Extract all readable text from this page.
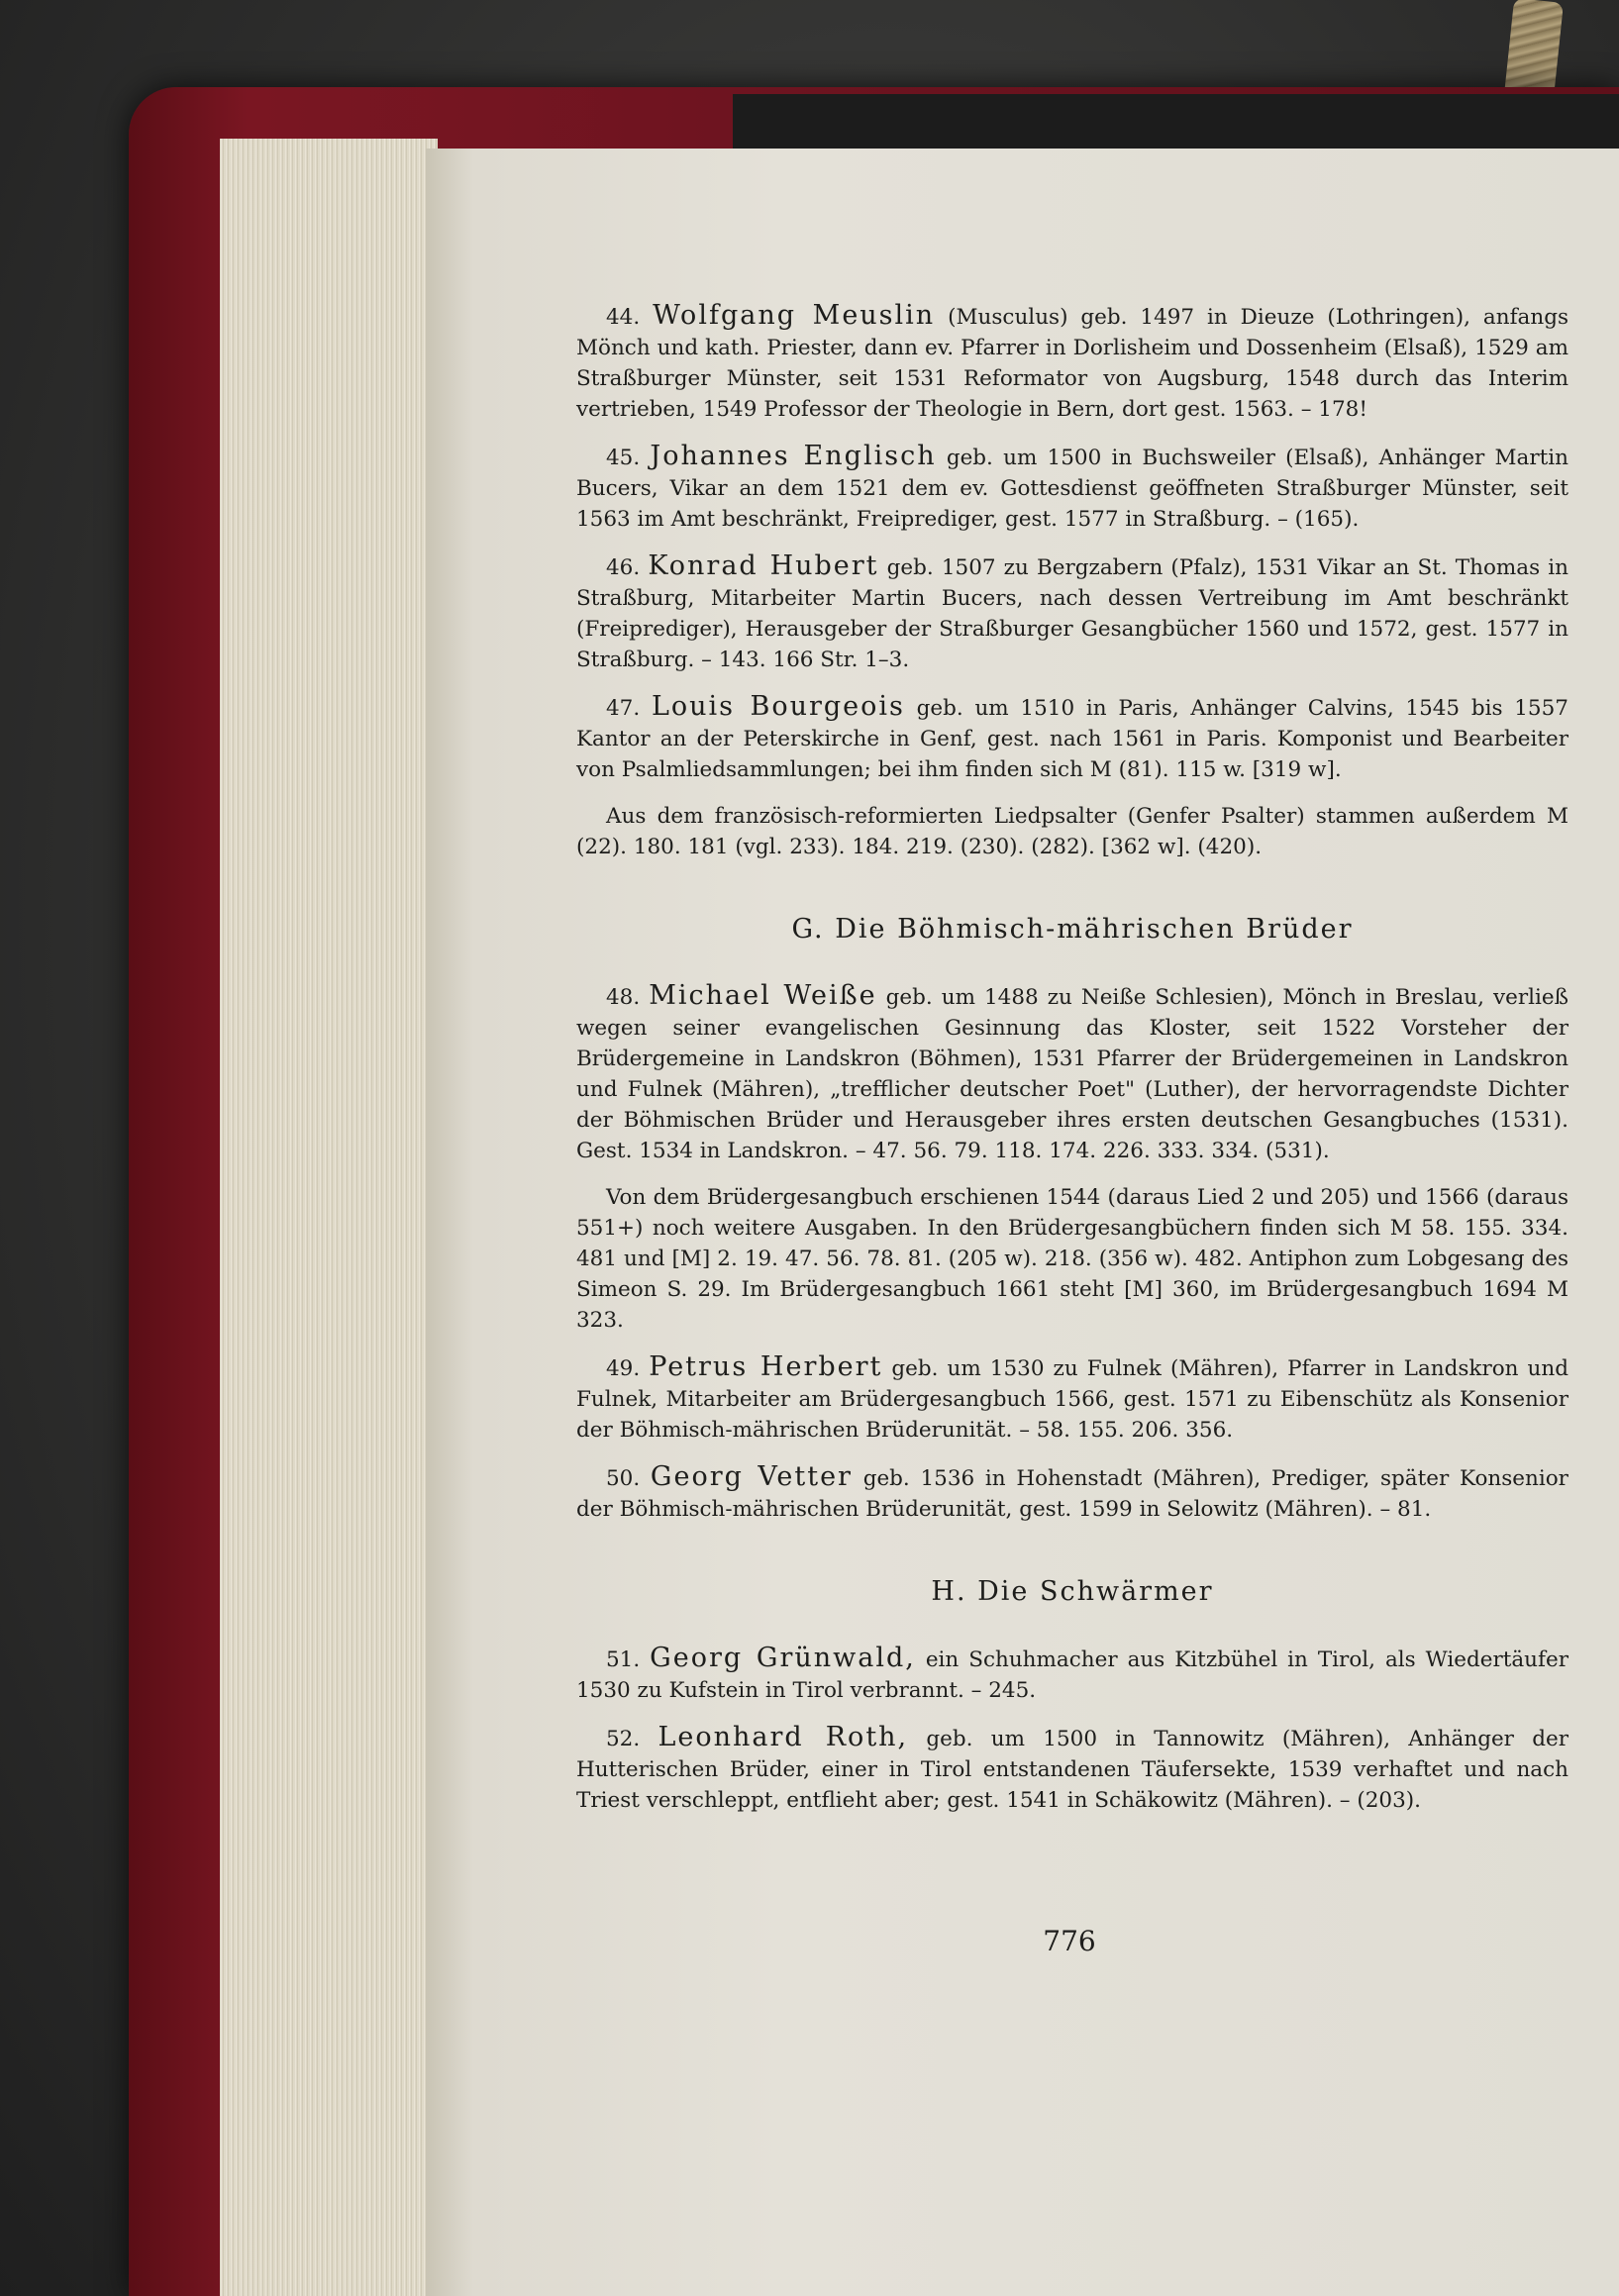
44. Wolfgang Meuslin (Musculus) geb. 1497 in Dieuze (Lothringen), anfangs Mönch und kath. Priester, dann ev. Pfarrer in Dorlisheim und Dossenheim (Elsaß), 1529 am Straßburger Münster, seit 1531 Reformator von Augsburg, 1548 durch das Interim vertrieben, 1549 Professor der Theologie in Bern, dort gest. 1563. – 178!

45. Johannes Englisch geb. um 1500 in Buchsweiler (Elsaß), Anhänger Martin Bucers, Vikar an dem 1521 dem ev. Gottesdienst geöffneten Straßburger Münster, seit 1563 im Amt beschränkt, Freiprediger, gest. 1577 in Straßburg. – (165).

46. Konrad Hubert geb. 1507 zu Bergzabern (Pfalz), 1531 Vikar an St. Thomas in Straßburg, Mitarbeiter Martin Bucers, nach dessen Vertreibung im Amt beschränkt (Freiprediger), Herausgeber der Straßburger Gesangbücher 1560 und 1572, gest. 1577 in Straßburg. – 143. 166 Str. 1–3.

47. Louis Bourgeois geb. um 1510 in Paris, Anhänger Calvins, 1545 bis 1557 Kantor an der Peterskirche in Genf, gest. nach 1561 in Paris. Komponist und Bearbeiter von Psalmliedsammlungen; bei ihm finden sich M (81). 115 w. [319 w].

Aus dem französisch-reformierten Liedpsalter (Genfer Psalter) stammen außerdem M (22). 180. 181 (vgl. 233). 184. 219. (230). (282). [362 w]. (420).

G. Die Böhmisch-mährischen Brüder

48. Michael Weiße geb. um 1488 zu Neiße Schlesien), Mönch in Breslau, verließ wegen seiner evangelischen Gesinnung das Kloster, seit 1522 Vorsteher der Brüdergemeine in Landskron (Böhmen), 1531 Pfarrer der Brüdergemeinen in Landskron und Fulnek (Mähren), „trefflicher deutscher Poet" (Luther), der hervorragendste Dichter der Böhmischen Brüder und Herausgeber ihres ersten deutschen Gesangbuches (1531). Gest. 1534 in Landskron. – 47. 56. 79. 118. 174. 226. 333. 334. (531).

Von dem Brüdergesangbuch erschienen 1544 (daraus Lied 2 und 205) und 1566 (daraus 551+) noch weitere Ausgaben. In den Brüdergesangbüchern finden sich M 58. 155. 334. 481 und [M] 2. 19. 47. 56. 78. 81. (205 w). 218. (356 w). 482. Antiphon zum Lobgesang des Simeon S. 29. Im Brüdergesangbuch 1661 steht [M] 360, im Brüdergesangbuch 1694 M 323.

49. Petrus Herbert geb. um 1530 zu Fulnek (Mähren), Pfarrer in Landskron und Fulnek, Mitarbeiter am Brüdergesangbuch 1566, gest. 1571 zu Eibenschütz als Konsenior der Böhmisch-mährischen Brüderunität. – 58. 155. 206. 356.

50. Georg Vetter geb. 1536 in Hohenstadt (Mähren), Prediger, später Konsenior der Böhmisch-mährischen Brüderunität, gest. 1599 in Selowitz (Mähren). – 81.

H. Die Schwärmer

51. Georg Grünwald, ein Schuhmacher aus Kitzbühel in Tirol, als Wiedertäufer 1530 zu Kufstein in Tirol verbrannt. – 245.

52. Leonhard Roth, geb. um 1500 in Tannowitz (Mähren), Anhänger der Hutterischen Brüder, einer in Tirol entstandenen Täufersekte, 1539 verhaftet und nach Triest verschleppt, entflieht aber; gest. 1541 in Schäkowitz (Mähren). – (203).

776
